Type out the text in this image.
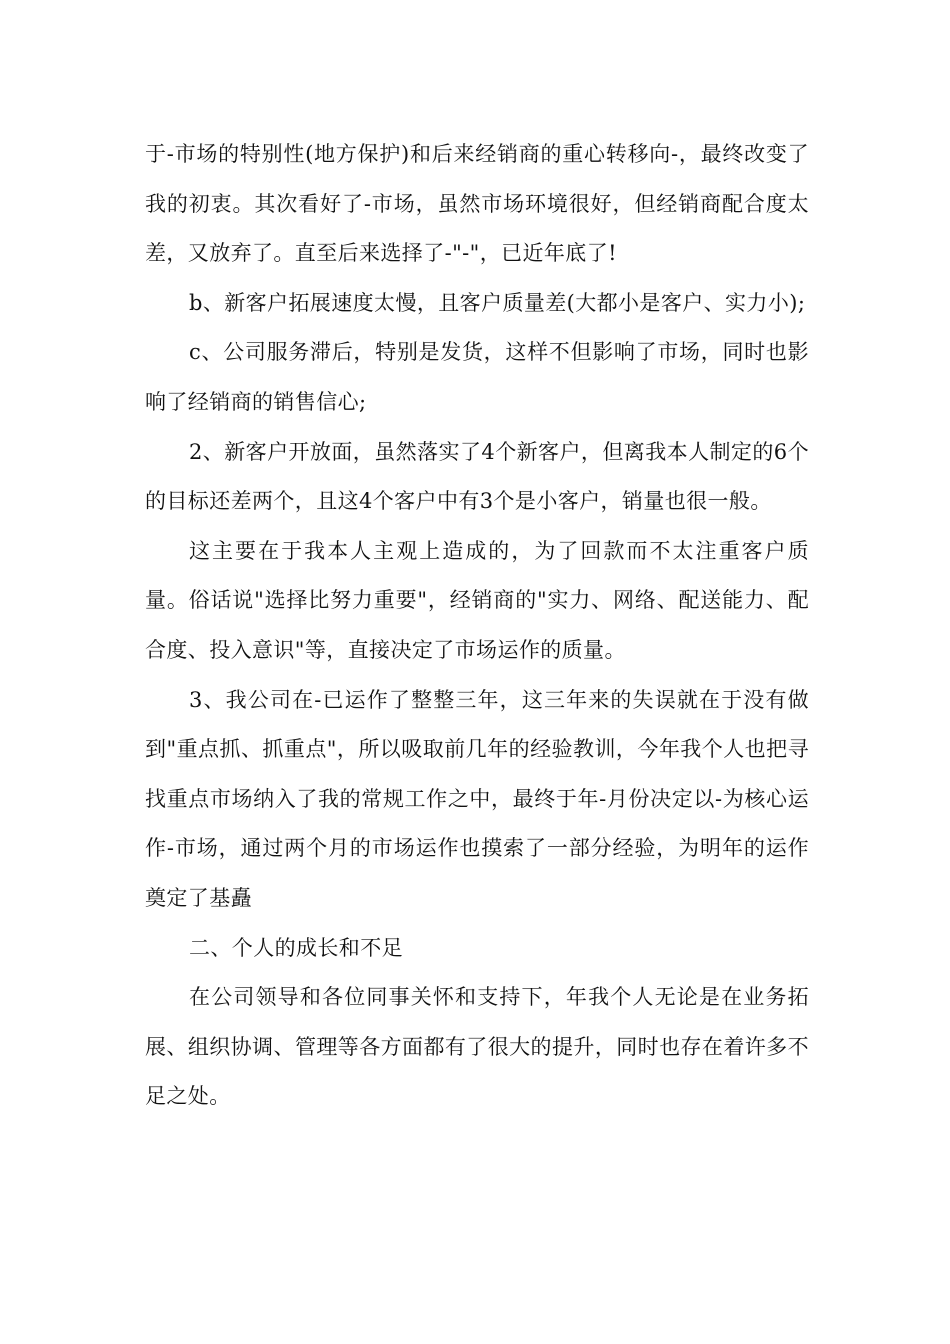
于-市场的特别性(地方保护)和后来经销商的重心转移向-，最终改变了我的初衷。其次看好了-市场，虽然市场环境很好，但经销商配合度太差，又放弃了。直至后来选择了-"-"，已近年底了!

b、新客户拓展速度太慢，且客户质量差(大都小是客户、实力小);

c、公司服务滞后，特别是发货，这样不但影响了市场，同时也影响了经销商的销售信心;

2、新客户开放面，虽然落实了4个新客户，但离我本人制定的6个的目标还差两个，且这4个客户中有3个是小客户，销量也很一般。

这主要在于我本人主观上造成的，为了回款而不太注重客户质量。俗话说"选择比努力重要"，经销商的"实力、网络、配送能力、配合度、投入意识"等，直接决定了市场运作的质量。

3、我公司在-已运作了整整三年，这三年来的失误就在于没有做到"重点抓、抓重点"，所以吸取前几年的经验教训，今年我个人也把寻找重点市场纳入了我的常规工作之中，最终于年-月份决定以-为核心运作-市场，通过两个月的市场运作也摸索了一部分经验，为明年的运作奠定了基矗

二、个人的成长和不足

在公司领导和各位同事关怀和支持下，年我个人无论是在业务拓展、组织协调、管理等各方面都有了很大的提升，同时也存在着许多不足之处。
